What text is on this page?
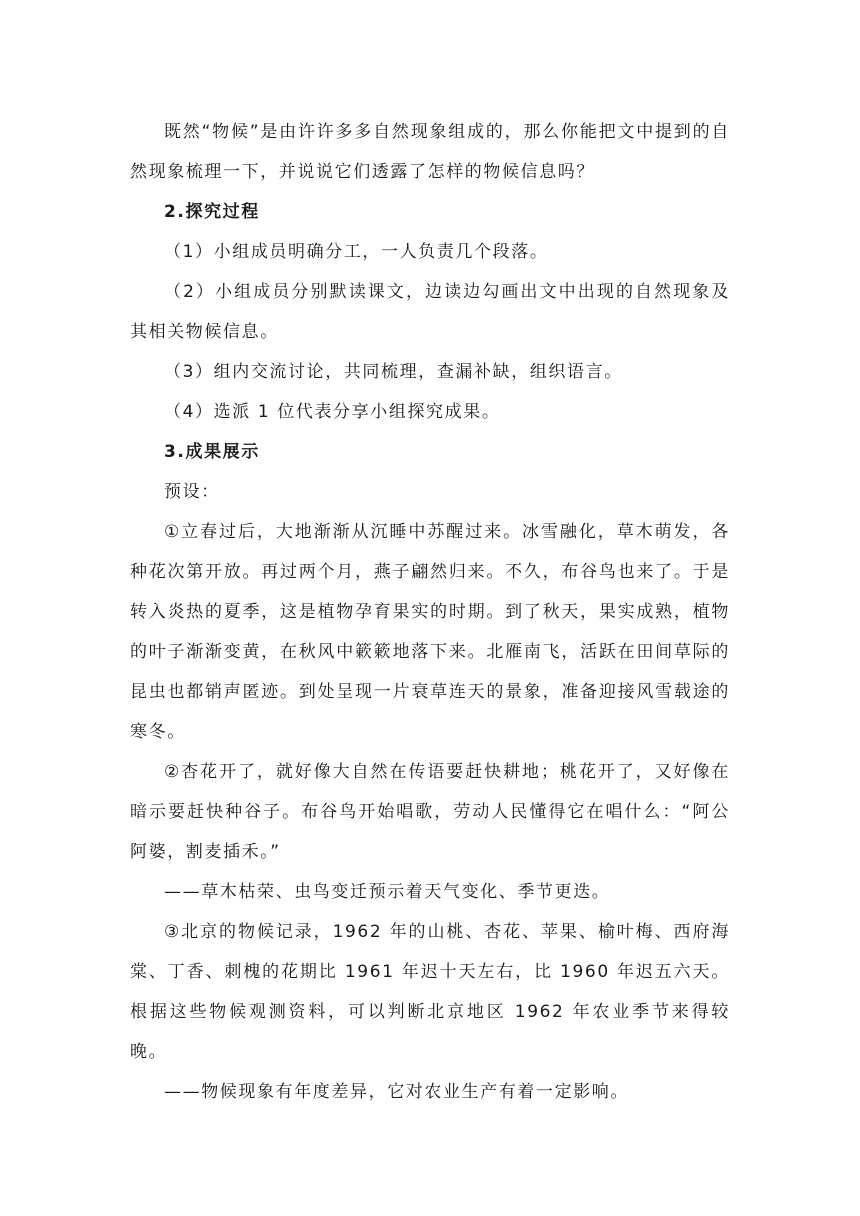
既然“物候”是由许许多多自然现象组成的，那么你能把文中提到的自然现象梳理一下，并说说它们透露了怎样的物候信息吗？

2.探究过程

（1）小组成员明确分工，一人负责几个段落。

（2）小组成员分别默读课文，边读边勾画出文中出现的自然现象及其相关物候信息。

（3）组内交流讨论，共同梳理，查漏补缺，组织语言。

（4）选派 1 位代表分享小组探究成果。

3.成果展示

预设：

①立春过后，大地渐渐从沉睡中苏醒过来。冰雪融化，草木萌发，各种花次第开放。再过两个月，燕子翩然归来。不久，布谷鸟也来了。于是转入炎热的夏季，这是植物孕育果实的时期。到了秋天，果实成熟，植物的叶子渐渐变黄，在秋风中簌簌地落下来。北雁南飞，活跃在田间草际的昆虫也都销声匿迹。到处呈现一片衰草连天的景象，准备迎接风雪载途的寒冬。

②杏花开了，就好像大自然在传语要赶快耕地；桃花开了，又好像在暗示要赶快种谷子。布谷鸟开始唱歌，劳动人民懂得它在唱什么：“阿公阿婆，割麦插禾。”

——草木枯荣、虫鸟变迁预示着天气变化、季节更迭。

③北京的物候记录，1962 年的山桃、杏花、苹果、榆叶梅、西府海棠、丁香、刺槐的花期比 1961 年迟十天左右，比 1960 年迟五六天。根据这些物候观测资料，可以判断北京地区 1962 年农业季节来得较晚。

——物候现象有年度差异，它对农业生产有着一定影响。
